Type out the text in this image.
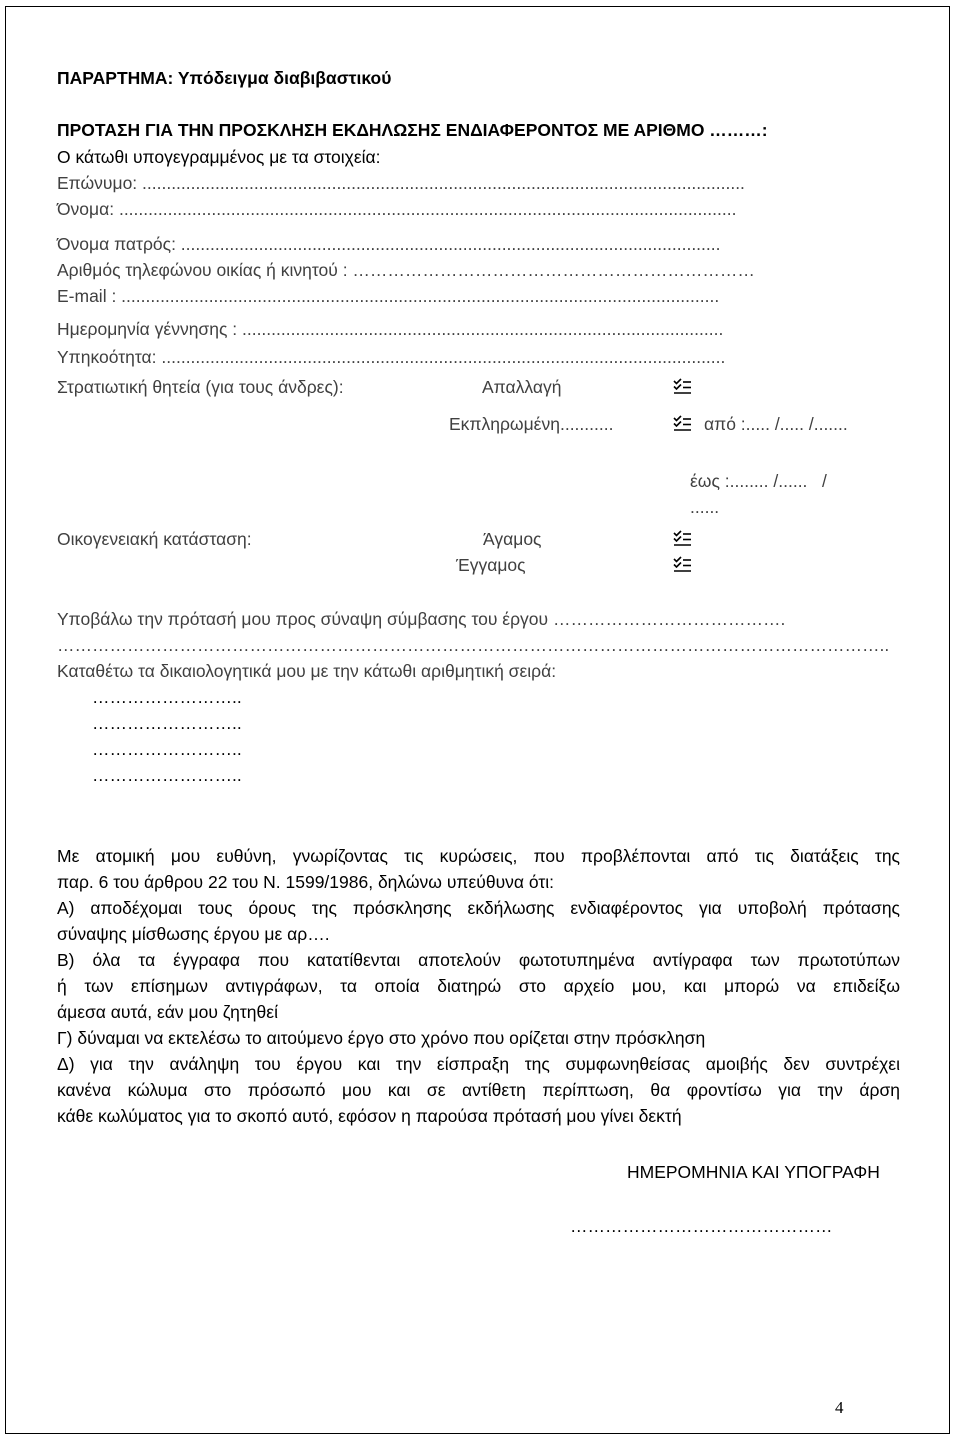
ΠΑΡΑΡΤΗΜΑ: Υπόδειγμα διαβιβαστικού
ΠΡΟΤΑΣΗ ΓΙΑ ΤΗΝ ΠΡΟΣΚΛΗΣΗ ΕΚΔΗΛΩΣΗΣ ΕΝΔΙΑΦΕΡΟΝΤΟΣ ΜΕ ΑΡΙΘΜΟ ………:
Ο κάτωθι υπογεγραμμένος με τα στοιχεία:
Επώνυμο: ............................................................................................................................
Όνομα: ...............................................................................................................................
Όνομα πατρός: ...............................................................................................................
Αριθμός τηλεφώνου οικίας ή κινητού : ……………………………………………………………
E-mail : ...........................................................................................................................
Ημερομηνία γέννησης : ...................................................................................................
Υπηκοότητα: ....................................................................................................................
Στρατιωτική θητεία (για τους άνδρες):	Απαλλαγή
Εκπληρωμένη...........	από :..... /..... /.......
έως :........ /......   /
......
Οικογενειακή κατάσταση:	Άγαμος
Έγγαμος
Υποβάλω την πρότασή μου προς σύναψη σύμβασης του έργου ………………………………….
……………………………………………………………………………………………………………………………..
Καταθέτω τα δικαιολογητικά μου με την κάτωθι αριθμητική σειρά:
……………………..
……………………..
……………………..
……………………..
Με ατομική μου ευθύνη, γνωρίζοντας τις κυρώσεις, που προβλέπονται από τις διατάξεις της
παρ. 6 του άρθρου 22 του Ν. 1599/1986, δηλώνω υπεύθυνα ότι:
Α) αποδέχομαι τους όρους της πρόσκλησης εκδήλωσης ενδιαφέροντος για υποβολή πρότασης
σύναψης μίσθωσης έργου με αρ….
Β) όλα τα έγγραφα που κατατίθενται αποτελούν φωτοτυπημένα αντίγραφα των πρωτοτύπων
ή των επίσημων αντιγράφων, τα οποία διατηρώ στο αρχείο μου, και μπορώ να επιδείξω
άμεσα αυτά, εάν μου ζητηθεί
Γ) δύναμαι να εκτελέσω το αιτούμενο έργο στο χρόνο που ορίζεται στην πρόσκληση
Δ) για την ανάληψη του έργου και την είσπραξη της συμφωνηθείσας αμοιβής δεν συντρέχει
κανένα κώλυμα στο πρόσωπό μου και σε αντίθετη περίπτωση, θα φροντίσω για την άρση
κάθε κωλύματος για το σκοπό αυτό, εφόσον η παρούσα πρότασή μου γίνει δεκτή
ΗΜΕΡΟΜΗΝΙΑ ΚΑΙ ΥΠΟΓΡΑΦΗ
………………………………………
4
